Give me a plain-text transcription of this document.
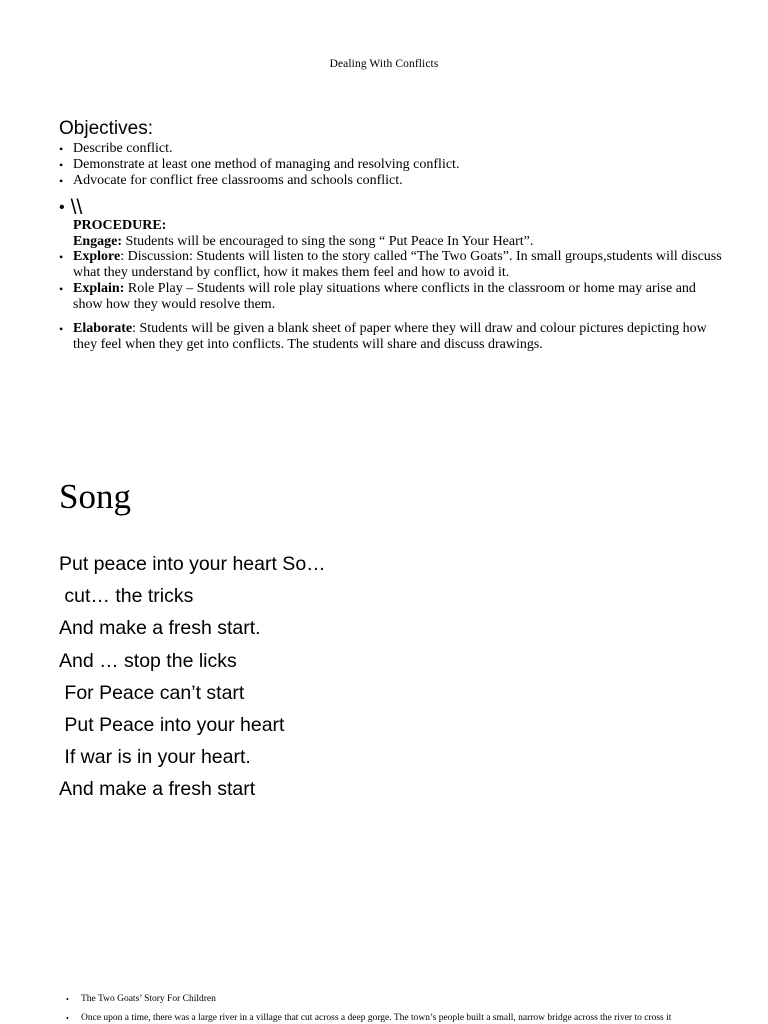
Dealing With Conflicts
Objectives:
• Describe conflict.
• Demonstrate at least one method of managing and resolving conflict.
• Advocate for conflict free classrooms and schools conflict.
• \\
PROCEDURE:
Engage: Students will be encouraged to sing the song “ Put Peace In Your Heart”.
• Explore: Discussion: Students will listen to the story called “The Two Goats”. In small groups,students will discuss what they understand by conflict, how it makes them feel and how to avoid it.
• Explain: Role Play – Students will role play situations where conflicts in the classroom or home may arise and show how they would resolve them.
• Elaborate: Students will be given a blank sheet of paper where they will draw and colour pictures depicting how they feel when they get into conflicts. The students will share and discuss drawings.
Song
Put peace into your heart So…
cut… the tricks
And make a fresh start.
And … stop the licks
For Peace can’t start
Put Peace into your heart
If war is in your heart.
And make a fresh start
• The Two Goats’ Story For Children
• Once upon a time, there was a large river in a village that cut across a deep gorge. The town’s people built a small, narrow bridge across the river to cross it
